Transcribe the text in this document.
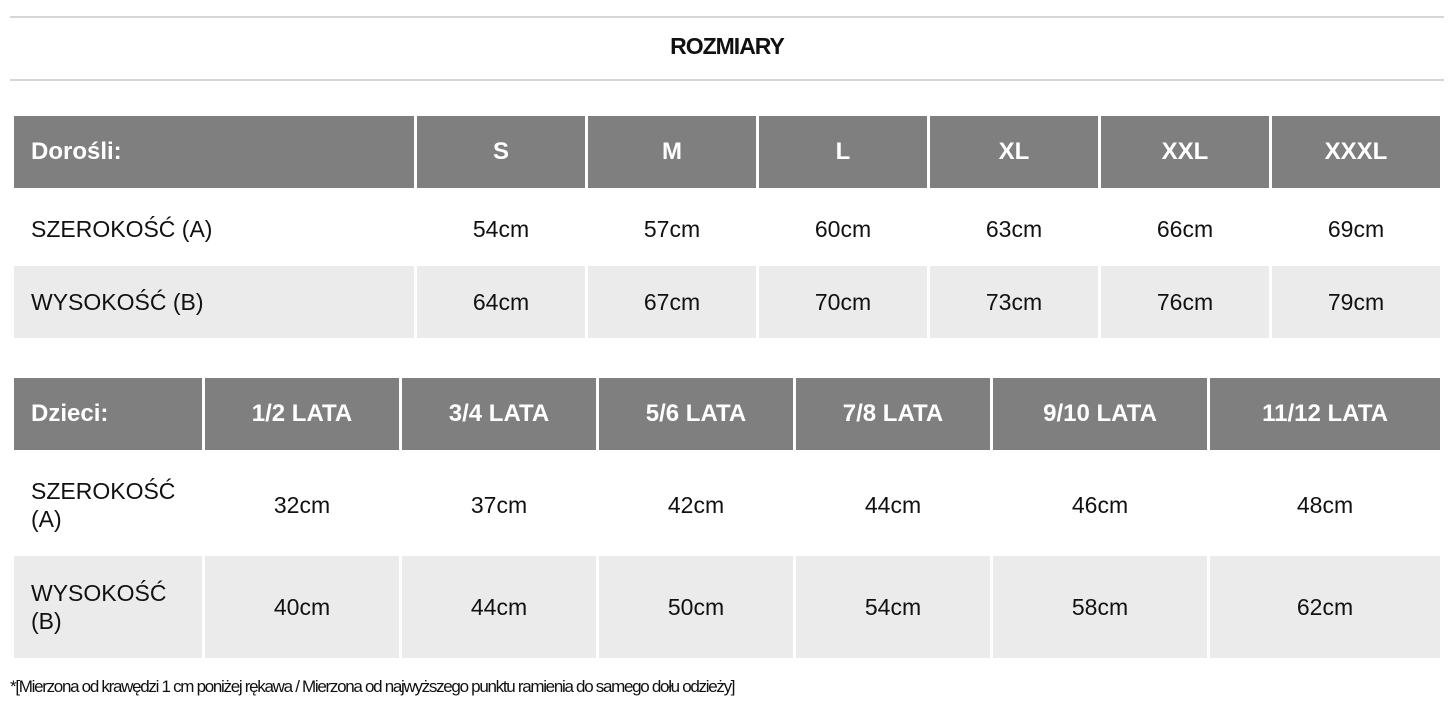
ROZMIARY
Dorośli:	S	M	L	XL	XXL	XXXL
SZEROKOŚĆ (A)	54cm	57cm	60cm	63cm	66cm	69cm
WYSOKOŚĆ (B)	64cm	67cm	70cm	73cm	76cm	79cm
Dzieci:	1/2 LATA	3/4 LATA	5/6 LATA	7/8 LATA	9/10 LATA	11/12 LATA
SZEROKOŚĆ (A)	32cm	37cm	42cm	44cm	46cm	48cm
WYSOKOŚĆ (B)	40cm	44cm	50cm	54cm	58cm	62cm
*[Mierzona od krawędzi 1 cm poniżej rękawa / Mierzona od najwyższego punktu ramienia do samego dołu odzieży]
